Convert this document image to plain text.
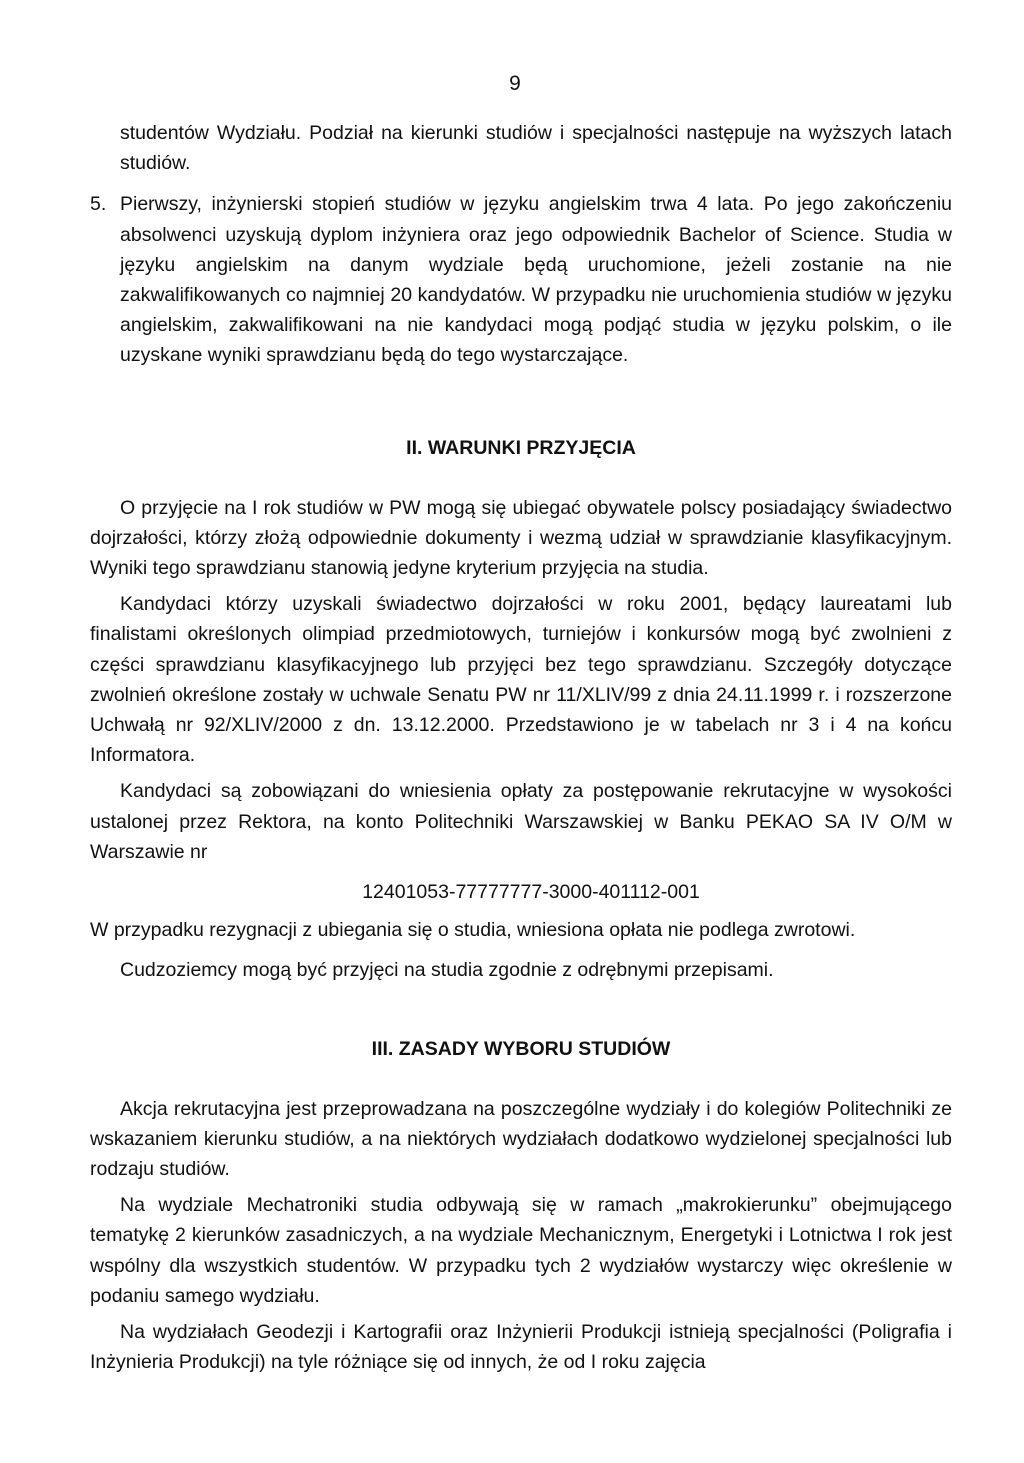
9

studentów Wydziału. Podział na kierunki studiów i specjalności następuje na wyższych latach studiów.

5. Pierwszy, inżynierski stopień studiów w języku angielskim trwa 4 lata. Po jego zakończeniu absolwenci uzyskują dyplom inżyniera oraz jego odpowiednik Bachelor of Science. Studia w języku angielskim na danym wydziale będą uruchomione, jeżeli zostanie na nie zakwalifikowanych co najmniej 20 kandydatów. W przypadku nie uruchomienia studiów w języku angielskim, zakwalifikowani na nie kandydaci mogą podjąć studia w języku polskim, o ile uzyskane wyniki sprawdzianu będą do tego wystarczające.
II. WARUNKI PRZYJĘCIA

O przyjęcie na I rok studiów w PW mogą się ubiegać obywatele polscy posiadający świadectwo dojrzałości, którzy złożą odpowiednie dokumenty i wezmą udział w sprawdzianie klasyfikacyjnym. Wyniki tego sprawdzianu stanowią jedyne kryterium przyjęcia na studia.

Kandydaci którzy uzyskali świadectwo dojrzałości w roku 2001, będący laureatami lub finalistami określonych olimpiad przedmiotowych, turniejów i konkursów mogą być zwolnieni z części sprawdzianu klasyfikacyjnego lub przyjęci bez tego sprawdzianu. Szczegóły dotyczące zwolnień określone zostały w uchwale Senatu PW nr 11/XLIV/99 z dnia 24.11.1999 r. i rozszerzone Uchwałą nr 92/XLIV/2000 z dn. 13.12.2000. Przedstawiono je w tabelach nr 3 i 4 na końcu Informatora.

Kandydaci są zobowiązani do wniesienia opłaty za postępowanie rekrutacyjne w wysokości ustalonej przez Rektora, na konto Politechniki Warszawskiej w Banku PEKAO SA IV O/M w Warszawie nr

12401053-77777777-3000-401112-001

W przypadku rezygnacji z ubiegania się o studia, wniesiona opłata nie podlega zwrotowi.

Cudzoziemcy mogą być przyjęci na studia zgodnie z odrębnymi przepisami.

III. ZASADY WYBORU STUDIÓW

Akcja rekrutacyjna jest przeprowadzana na poszczególne wydziały i do kolegiów Politechniki ze wskazaniem kierunku studiów, a na niektórych wydziałach dodatkowo wydzielonej specjalności lub rodzaju studiów.

Na wydziale Mechatroniki studia odbywają się w ramach „makrokierunku” obejmującego tematykę 2 kierunków zasadniczych, a na wydziale Mechanicznym, Energetyki i Lotnictwa I rok jest wspólny dla wszystkich studentów. W przypadku tych 2 wydziałów wystarczy więc określenie w podaniu samego wydziału.

Na wydziałach Geodezji i Kartografii oraz Inżynierii Produkcji istnieją specjalności (Poligrafia i Inżynieria Produkcji) na tyle różniące się od innych, że od I roku zajęcia
